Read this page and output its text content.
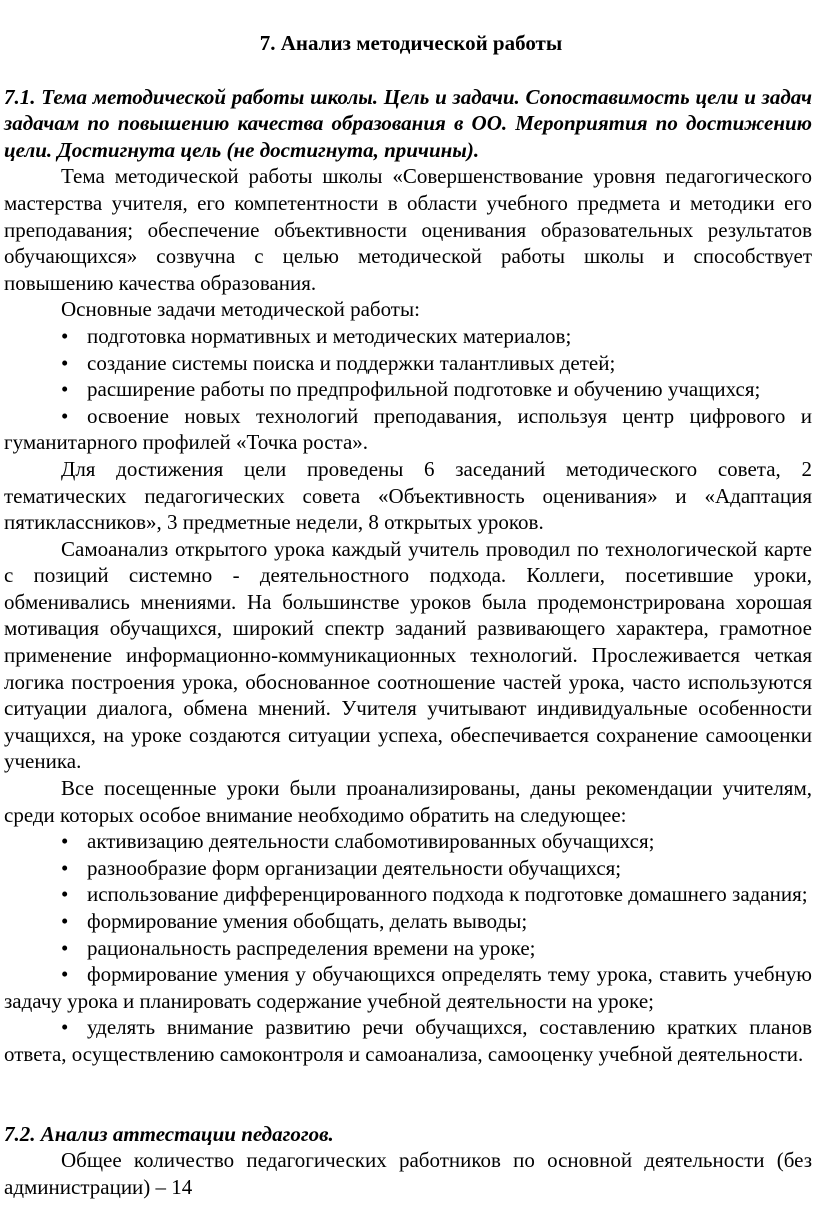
7. Анализ методической работы

7.1. Тема методической работы школы. Цель и задачи. Сопоставимость цели и задач задачам по повышению качества образования в ОО. Мероприятия по достижению цели. Достигнута цель (не достигнута, причины).

Тема методической работы школы «Совершенствование уровня педагогического мастерства учителя, его компетентности в области учебного предмета и методики его преподавания; обеспечение объективности оценивания образовательных результатов обучающихся» созвучна с целью методической работы школы и способствует повышению качества образования.

Основные задачи методической работы:

• подготовка нормативных и методических материалов;

• создание системы поиска и поддержки талантливых детей;

• расширение работы по предпрофильной подготовке и обучению учащихся;

• освоение новых технологий преподавания, используя центр цифрового и гуманитарного профилей «Точка роста».

Для достижения цели проведены 6 заседаний методического совета, 2 тематических педагогических совета «Объективность оценивания» и «Адаптация пятиклассников», 3 предметные недели, 8 открытых уроков.

Самоанализ открытого урока каждый учитель проводил по технологической карте с позиций системно - деятельностного подхода. Коллеги, посетившие уроки, обменивались мнениями. На большинстве уроков была продемонстрирована хорошая мотивация обучащихся, широкий спектр заданий развивающего характера, грамотное применение информационно-коммуникационных технологий. Прослеживается четкая логика построения урока, обоснованное соотношение частей урока, часто используются ситуации диалога, обмена мнений. Учителя учитывают индивидуальные особенности учащихся, на уроке создаются ситуации успеха, обеспечивается сохранение самооценки ученика.

Все посещенные уроки были проанализированы, даны рекомендации учителям, среди которых особое внимание необходимо обратить на следующее:

• активизацию деятельности слабомотивированных обучащихся;

• разнообразие форм организации деятельности обучащихся;

• использование дифференцированного подхода к подготовке домашнего задания;

• формирование умения обобщать, делать выводы;

• рациональность распределения времени на уроке;

• формирование умения у обучающихся определять тему урока, ставить учебную задачу урока и планировать содержание учебной деятельности на уроке;

• уделять внимание развитию речи обучащихся, составлению кратких планов ответа, осуществлению самоконтроля и самоанализа, самооценку учебной деятельности.

7.2. Анализ аттестации педагогов.

Общее количество педагогических работников по основной деятельности (без администрации) – 14
